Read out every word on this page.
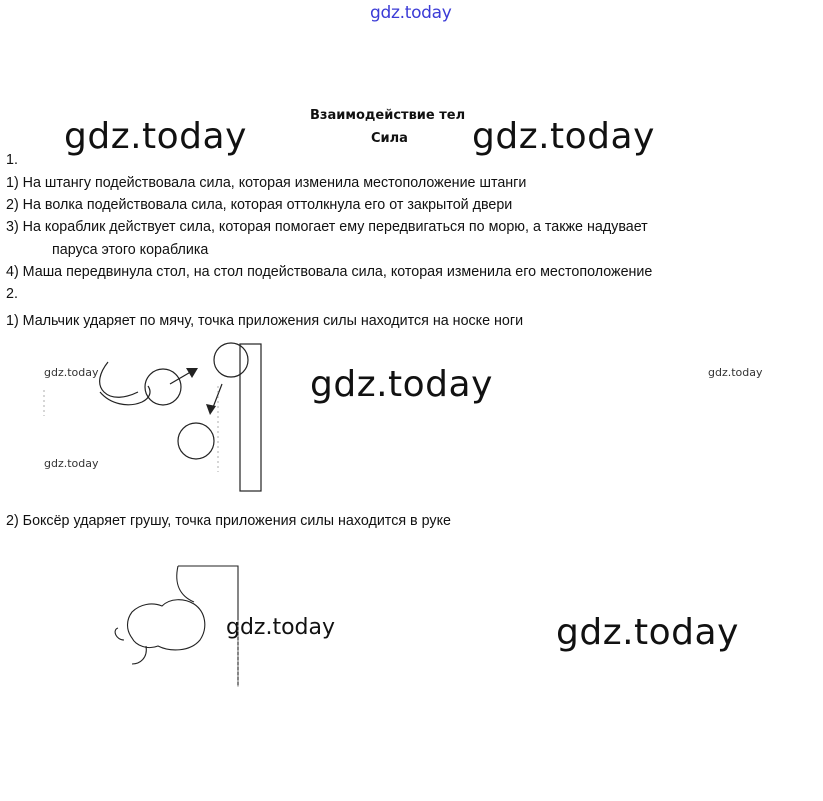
gdz.today
gdz.today	gdz.today
gdz.today
gdz.today
gdz.today
gdz.today
gdz.today
gdz.today
Взаимодействие тел
Сила
1.
1) На штангу подействовала сила, которая изменила местоположение штанги
2) На волка подействовала сила, которая оттолкнула его от закрытой двери
3) На кораблик действует сила, которая помогает ему передвигаться по морю, а также надувает
паруса этого кораблика
4) Маша передвинула стол, на стол подействовала сила, которая изменила его местоположение
2.
1) Мальчик ударяет по мячу, точка приложения силы находится на носке ноги
2) Боксёр ударяет грушу, точка приложения силы находится в руке
